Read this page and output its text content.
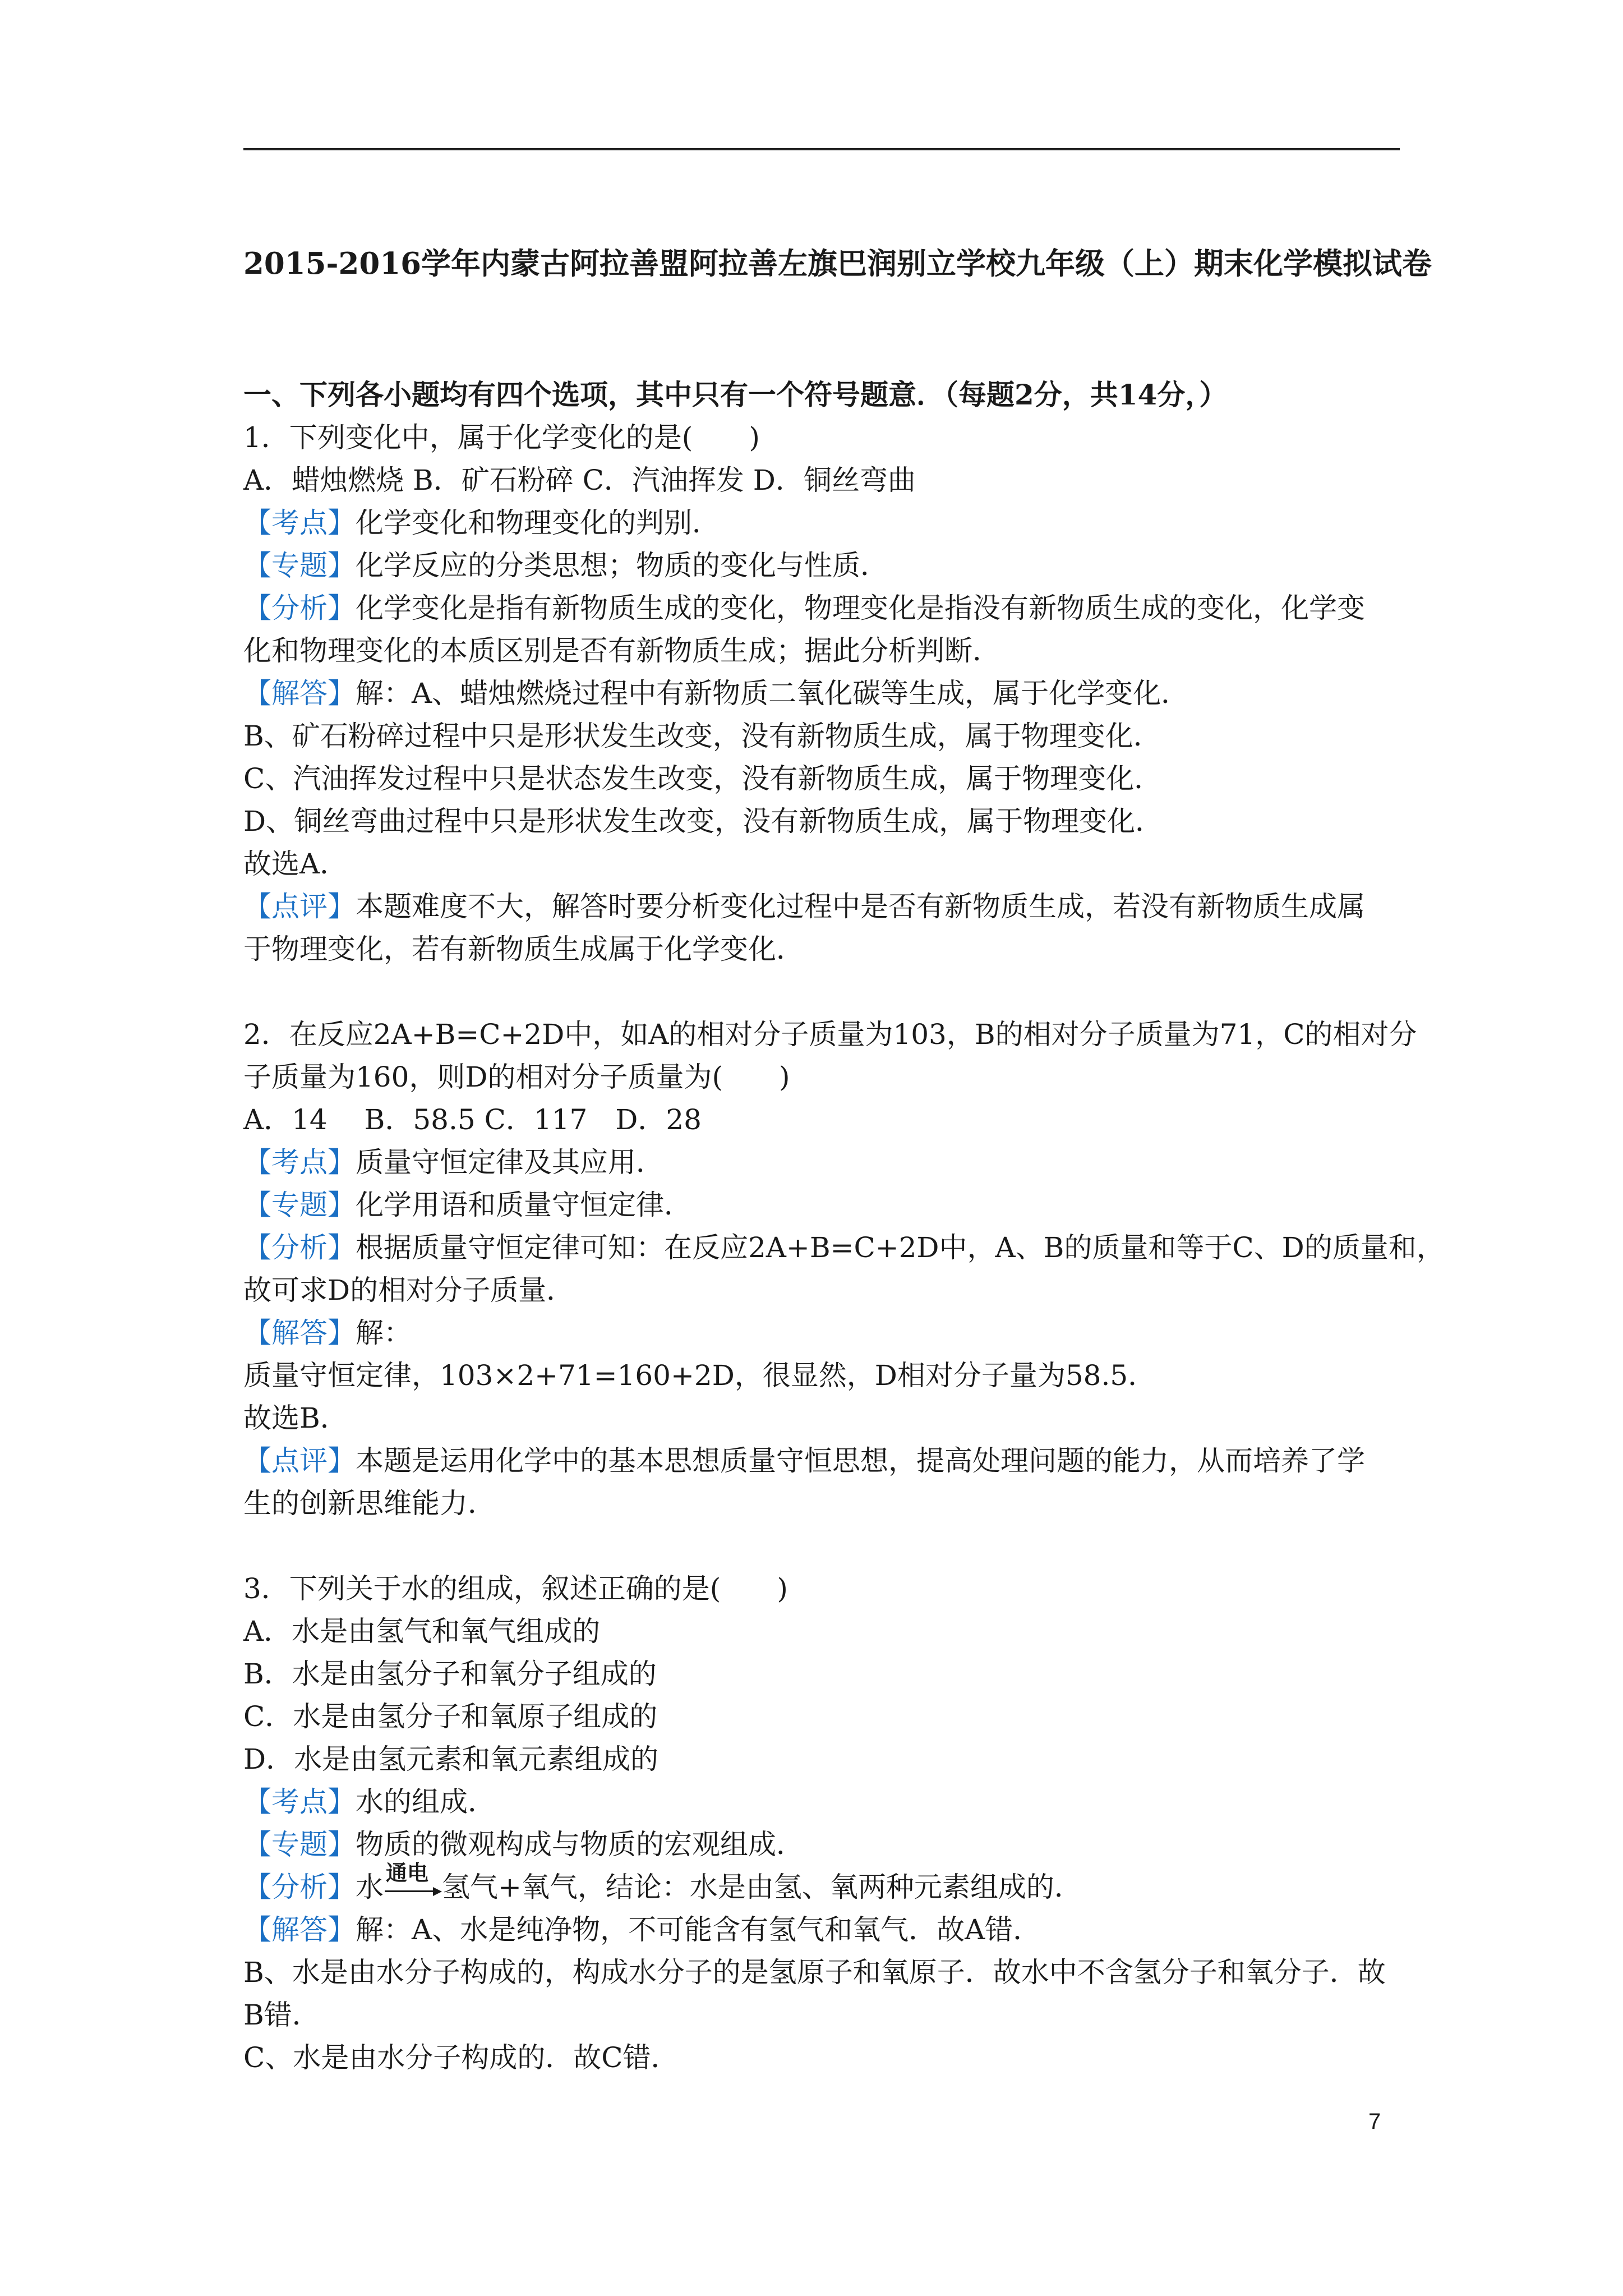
2015-2016学年内蒙古阿拉善盟阿拉善左旗巴润别立学校九年级（上）期末化学模拟试卷
一、下列各小题均有四个选项，其中只有一个符号题意．（每题2分，共14分，）
1．下列变化中，属于化学变化的是(　　)
A．蜡烛燃烧 B．矿石粉碎 C．汽油挥发 D．铜丝弯曲
【考点】化学变化和物理变化的判别．
【专题】化学反应的分类思想；物质的变化与性质．
【分析】化学变化是指有新物质生成的变化，物理变化是指没有新物质生成的变化，化学变
化和物理变化的本质区别是否有新物质生成；据此分析判断．
【解答】解：A、蜡烛燃烧过程中有新物质二氧化碳等生成，属于化学变化．
B、矿石粉碎过程中只是形状发生改变，没有新物质生成，属于物理变化．
C、汽油挥发过程中只是状态发生改变，没有新物质生成，属于物理变化．
D、铜丝弯曲过程中只是形状发生改变，没有新物质生成，属于物理变化．
故选A．
【点评】本题难度不大，解答时要分析变化过程中是否有新物质生成，若没有新物质生成属
于物理变化，若有新物质生成属于化学变化．
2．在反应2A+B=C+2D中，如A的相对分子质量为103，B的相对分子质量为71，C的相对分
子质量为160，则D的相对分子质量为(　　)
A．14　 B．58.5 C．117　D．28
【考点】质量守恒定律及其应用．
【专题】化学用语和质量守恒定律．
【分析】根据质量守恒定律可知：在反应2A+B=C+2D中，A、B的质量和等于C、D的质量和，
故可求D的相对分子质量．
【解答】解：
质量守恒定律，103×2+71=160+2D，很显然，D相对分子量为58.5．
故选B．
【点评】本题是运用化学中的基本思想质量守恒思想，提高处理问题的能力，从而培养了学
生的创新思维能力．
3．下列关于水的组成，叙述正确的是(　　)
A．水是由氢气和氧气组成的
B．水是由氢分子和氧分子组成的
C．水是由氢分子和氧原子组成的
D．水是由氢元素和氧元素组成的
【考点】水的组成．
【专题】物质的微观构成与物质的宏观组成．
【分析】水 通电 氢气+氧气，结论：水是由氢、氧两种元素组成的．
【解答】解：A、水是纯净物，不可能含有氢气和氧气．故A错．
B、水是由水分子构成的，构成水分子的是氢原子和氧原子．故水中不含氢分子和氧分子．故
B错．
C、水是由水分子构成的．故C错．
7
